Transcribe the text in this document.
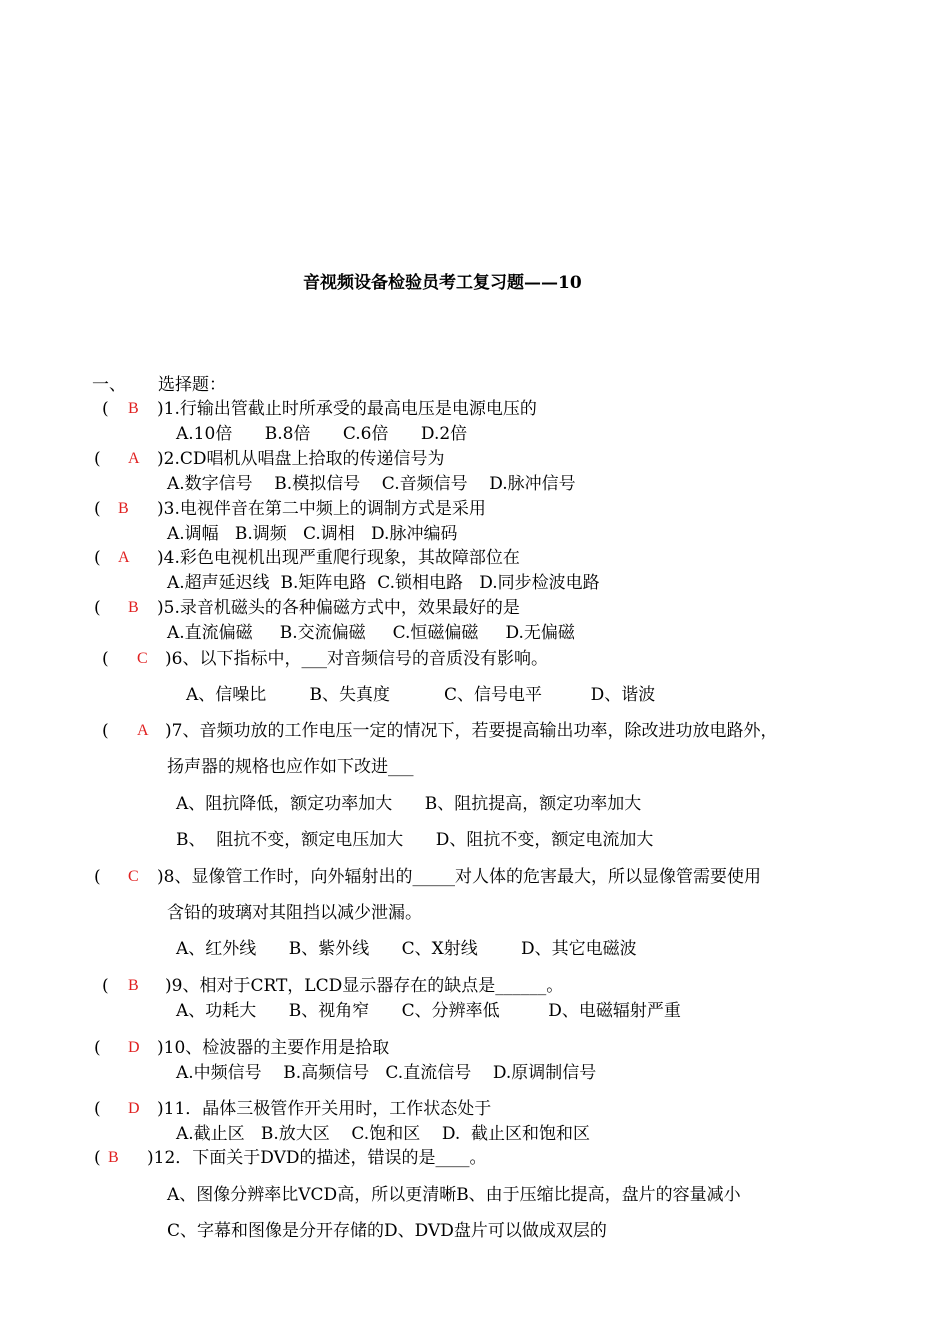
音视频设备检验员考工复习题——10
一、 选择题：
( B )1.行输出管截止时所承受的最高电压是电源电压的
A.10倍      B.8倍      C.6倍      D.2倍
( A )2.CD唱机从唱盘上拾取的传递信号为
A.数字信号    B.模拟信号    C.音频信号    D.脉冲信号
( B )3.电视伴音在第二中频上的调制方式是采用
A.调幅   B.调频   C.调相   D.脉冲编码
( A )4.彩色电视机出现严重爬行现象，其故障部位在
A.超声延迟线  B.矩阵电路  C.锁相电路   D.同步检波电路
( B )5.录音机磁头的各种偏磁方式中，效果最好的是
A.直流偏磁     B.交流偏磁     C.恒磁偏磁     D.无偏磁
( C )6、以下指标中，___对音频信号的音质没有影响。
A、信噪比        B、失真度          C、信号电平         D、谐波
( A )7、音频功放的工作电压一定的情况下，若要提高输出功率，除改进功放电路外，
扬声器的规格也应作如下改进___
A、阻抗降低，额定功率加大      B、阻抗提高，额定功率加大
B、  阻抗不变，额定电压加大      D、阻抗不变，额定电流加大
( C )8、显像管工作时，向外辐射出的_____对人体的危害最大，所以显像管需要使用
含铅的玻璃对其阻挡以减少泄漏。
A、红外线      B、紫外线      C、X射线        D、其它电磁波
( B )9、相对于CRT，LCD显示器存在的缺点是______。
A、功耗大      B、视角窄      C、分辨率低         D、电磁辐射严重
( D )10、检波器的主要作用是拾取
A.中频信号    B.高频信号   C.直流信号    D.原调制信号
( D )11．晶体三极管作开关用时，工作状态处于
A.截止区   B.放大区    C.饱和区    D.  截止区和饱和区
( B )12．下面关于DVD的描述，错误的是____。
A、图像分辨率比VCD高，所以更清晰B、由于压缩比提高，盘片的容量减小
C、字幕和图像是分开存储的D、DVD盘片可以做成双层的
